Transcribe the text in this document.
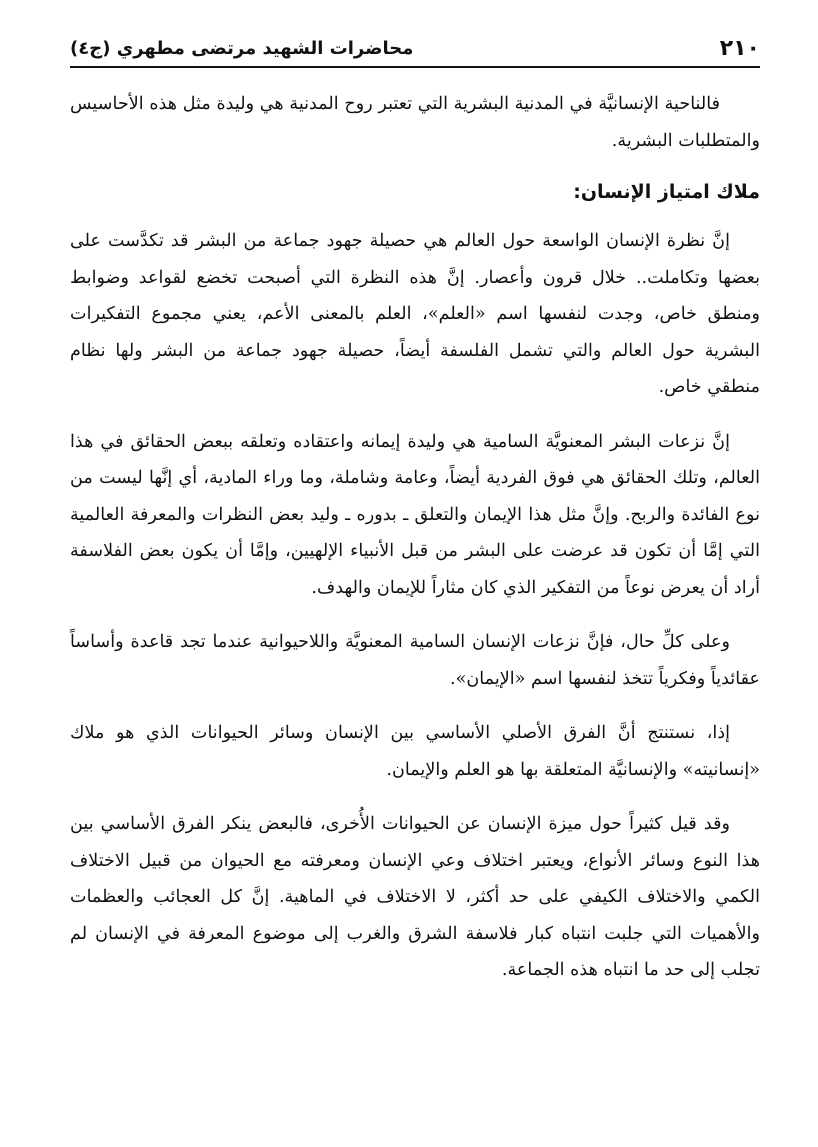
٢١٠
محاضرات الشهيد مرتضى مطهري (ج٤)

فالناحية الإنسانيَّة في المدنية البشرية التي تعتبر روح المدنية هي وليدة مثل هذه الأحاسيس والمتطلبات البشرية.

ملاك امتياز الإنسان:

إنَّ نظرة الإنسان الواسعة حول العالم هي حصيلة جهود جماعة من البشر قد تكدَّست على بعضها وتكاملت.. خلال قرون وأعصار. إنَّ هذه النظرة التي أصبحت تخضع لقواعد وضوابط ومنطق خاص، وجدت لنفسها اسم «العلم»، العلم بالمعنى الأعم، يعني مجموع التفكيرات البشرية حول العالم والتي تشمل الفلسفة أيضاً، حصيلة جهود جماعة من البشر ولها نظام منطقي خاص.

إنَّ نزعات البشر المعنويَّة السامية هي وليدة إيمانه واعتقاده وتعلقه ببعض الحقائق في هذا العالم، وتلك الحقائق هي فوق الفردية أيضاً، وعامة وشاملة، وما وراء المادية، أي إنَّها ليست من نوع الفائدة والربح. وإنَّ مثل هذا الإيمان والتعلق ـ بدوره ـ وليد بعض النظرات والمعرفة العالمية التي إمَّا أن تكون قد عرضت على البشر من قبل الأنبياء الإلهيين، وإمَّا أن يكون بعض الفلاسفة أراد أن يعرض نوعاً من التفكير الذي كان مثاراً للإيمان والهدف.

وعلى كلِّ حال، فإنَّ نزعات الإنسان السامية المعنويَّة واللاحيوانية عندما تجد قاعدة وأساساً عقائدياً وفكرياً تتخذ لنفسها اسم «الإيمان».

إذا، نستنتج أنَّ الفرق الأصلي الأساسي بين الإنسان وسائر الحيوانات الذي هو ملاك «إنسانيته» والإنسانيَّة المتعلقة بها هو العلم والإيمان.

وقد قيل كثيراً حول ميزة الإنسان عن الحيوانات الأُخرى، فالبعض ينكر الفرق الأساسي بين هذا النوع وسائر الأنواع، ويعتبر اختلاف وعي الإنسان ومعرفته مع الحيوان من قبيل الاختلاف الكمي والاختلاف الكيفي على حد أكثر، لا الاختلاف في الماهية. إنَّ كل العجائب والعظمات والأهميات التي جلبت انتباه كبار فلاسفة الشرق والغرب إلى موضوع المعرفة في الإنسان لم تجلب إلى حد ما انتباه هذه الجماعة.
